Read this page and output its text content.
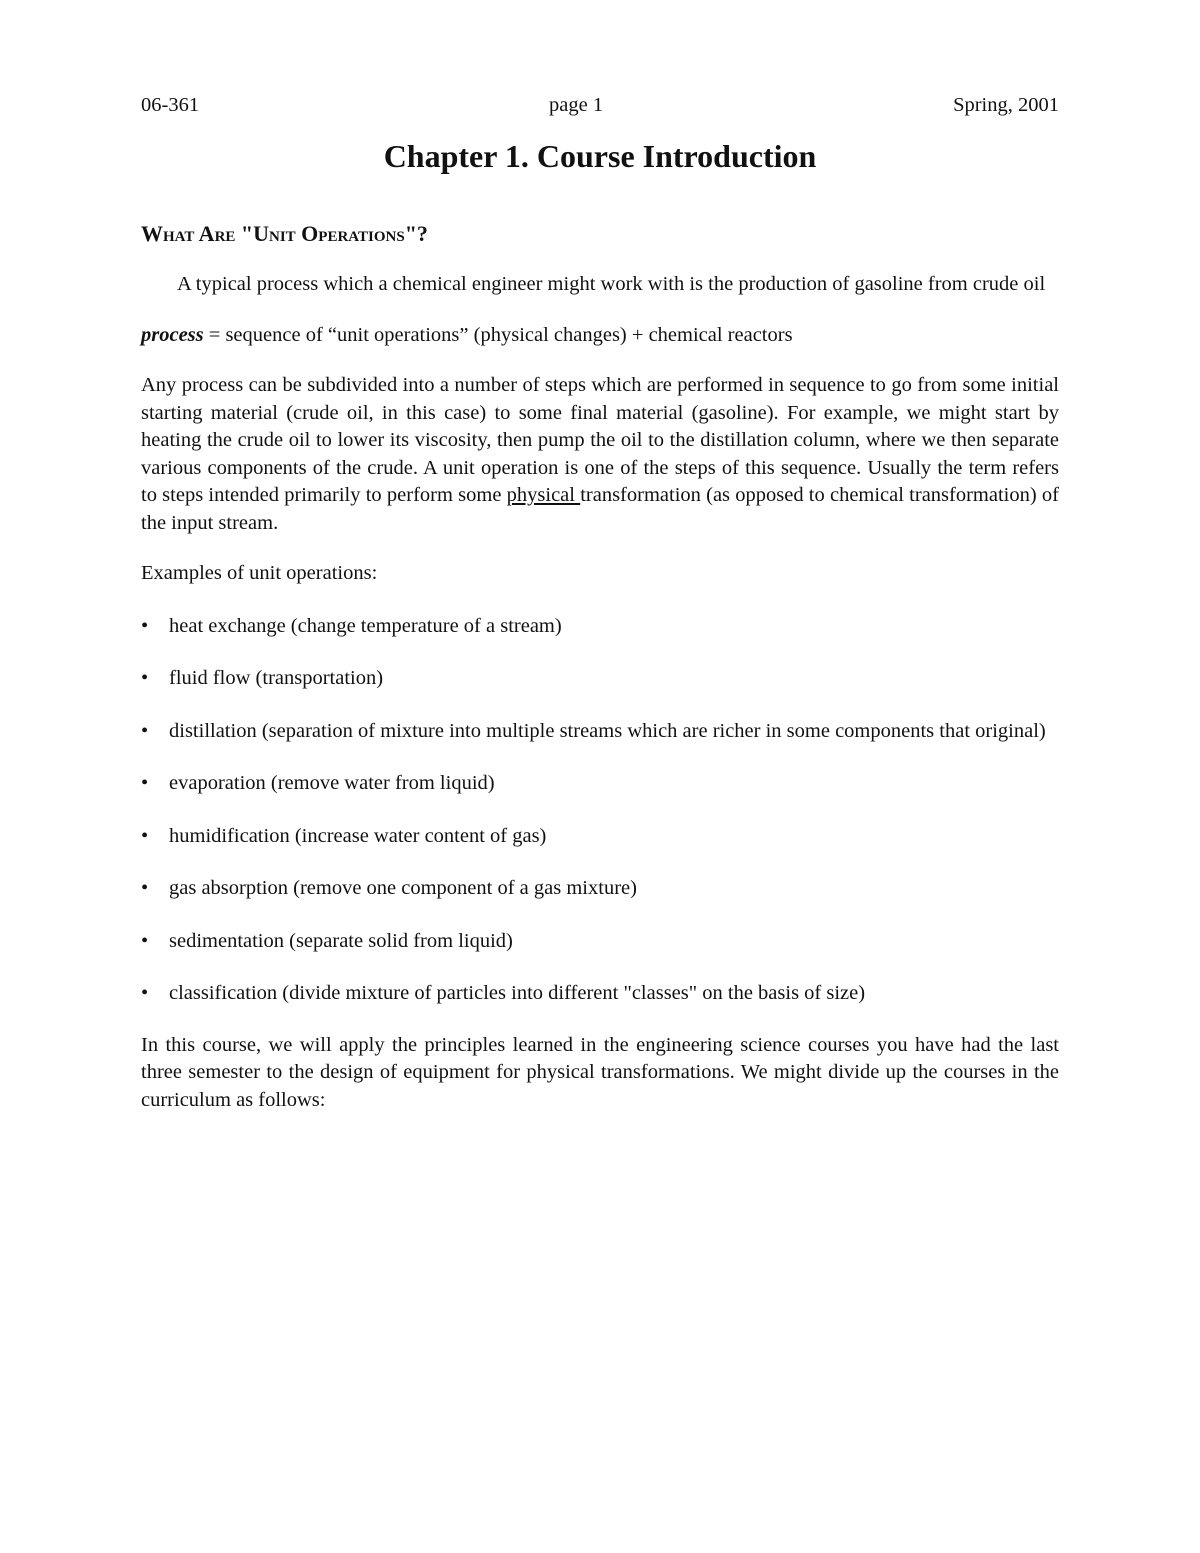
06-361	page 1	Spring, 2001
Chapter 1. Course Introduction
What Are "Unit Operations"?

A typical process which a chemical engineer might work with is the production of gasoline from crude oil

process = sequence of “unit operations” (physical changes) + chemical reactors

Any process can be subdivided into a number of steps which are performed in sequence to go from some initial starting material (crude oil, in this case) to some final material (gasoline). For example, we might start by heating the crude oil to lower its viscosity, then pump the oil to the distillation column, where we then separate various components of the crude. A unit operation is one of the steps of this sequence. Usually the term refers to steps intended primarily to perform some physical transformation (as opposed to chemical transformation) of the input stream.

Examples of unit operations:

• heat exchange (change temperature of a stream)
• fluid flow (transportation)
• distillation (separation of mixture into multiple streams which are richer in some components that original)
• evaporation (remove water from liquid)
• humidification (increase water content of gas)
• gas absorption (remove one component of a gas mixture)
• sedimentation (separate solid from liquid)
• classification (divide mixture of particles into different "classes" on the basis of size)

In this course, we will apply the principles learned in the engineering science courses you have had the last three semester to the design of equipment for physical transformations. We might divide up the courses in the curriculum as follows:
